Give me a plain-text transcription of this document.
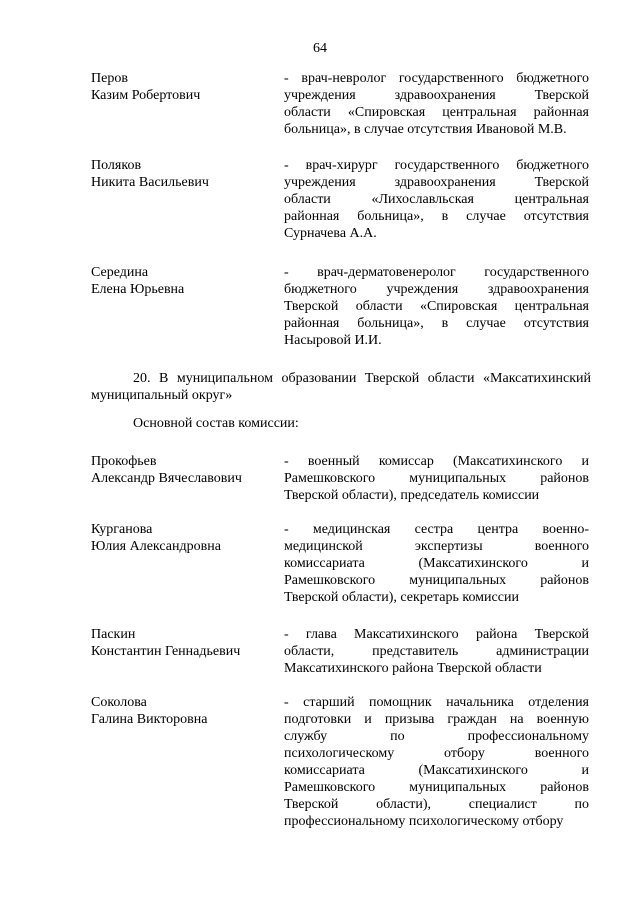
64
Перов
Казим Робертович
- врач-невролог государственного бюджетного
учреждения здравоохранения Тверской
области «Спировская центральная районная
больница», в случае отсутствия Ивановой М.В.
Поляков
Никита Васильевич
- врач-хирург государственного бюджетного
учреждения здравоохранения Тверской
области «Лихославльская центральная
районная больница», в случае отсутствия
Сурначева А.А.
Середина
Елена Юрьевна
- врач-дерматовенеролог государственного
бюджетного учреждения здравоохранения
Тверской области «Спировская центральная
районная больница», в случае отсутствия
Насыровой И.И.
20. В муниципальном образовании Тверской области «Максатихинский
муниципальный округ»
Основной состав комиссии:
Прокофьев
Александр Вячеславович
- военный комиссар (Максатихинского и
Рамешковского муниципальных районов
Тверской области), председатель комиссии
Курганова
Юлия Александровна
- медицинская сестра центра военно-
медицинской экспертизы военного
комиссариата (Максатихинского и
Рамешковского муниципальных районов
Тверской области), секретарь комиссии
Паскин
Константин Геннадьевич
- глава Максатихинского района Тверской
области, представитель администрации
Максатихинского района Тверской области
Соколова
Галина Викторовна
- старший помощник начальника отделения
подготовки и призыва граждан на военную
службу по профессиональному
психологическому отбору военного
комиссариата (Максатихинского и
Рамешковского муниципальных районов
Тверской области), специалист по
профессиональному психологическому отбору
